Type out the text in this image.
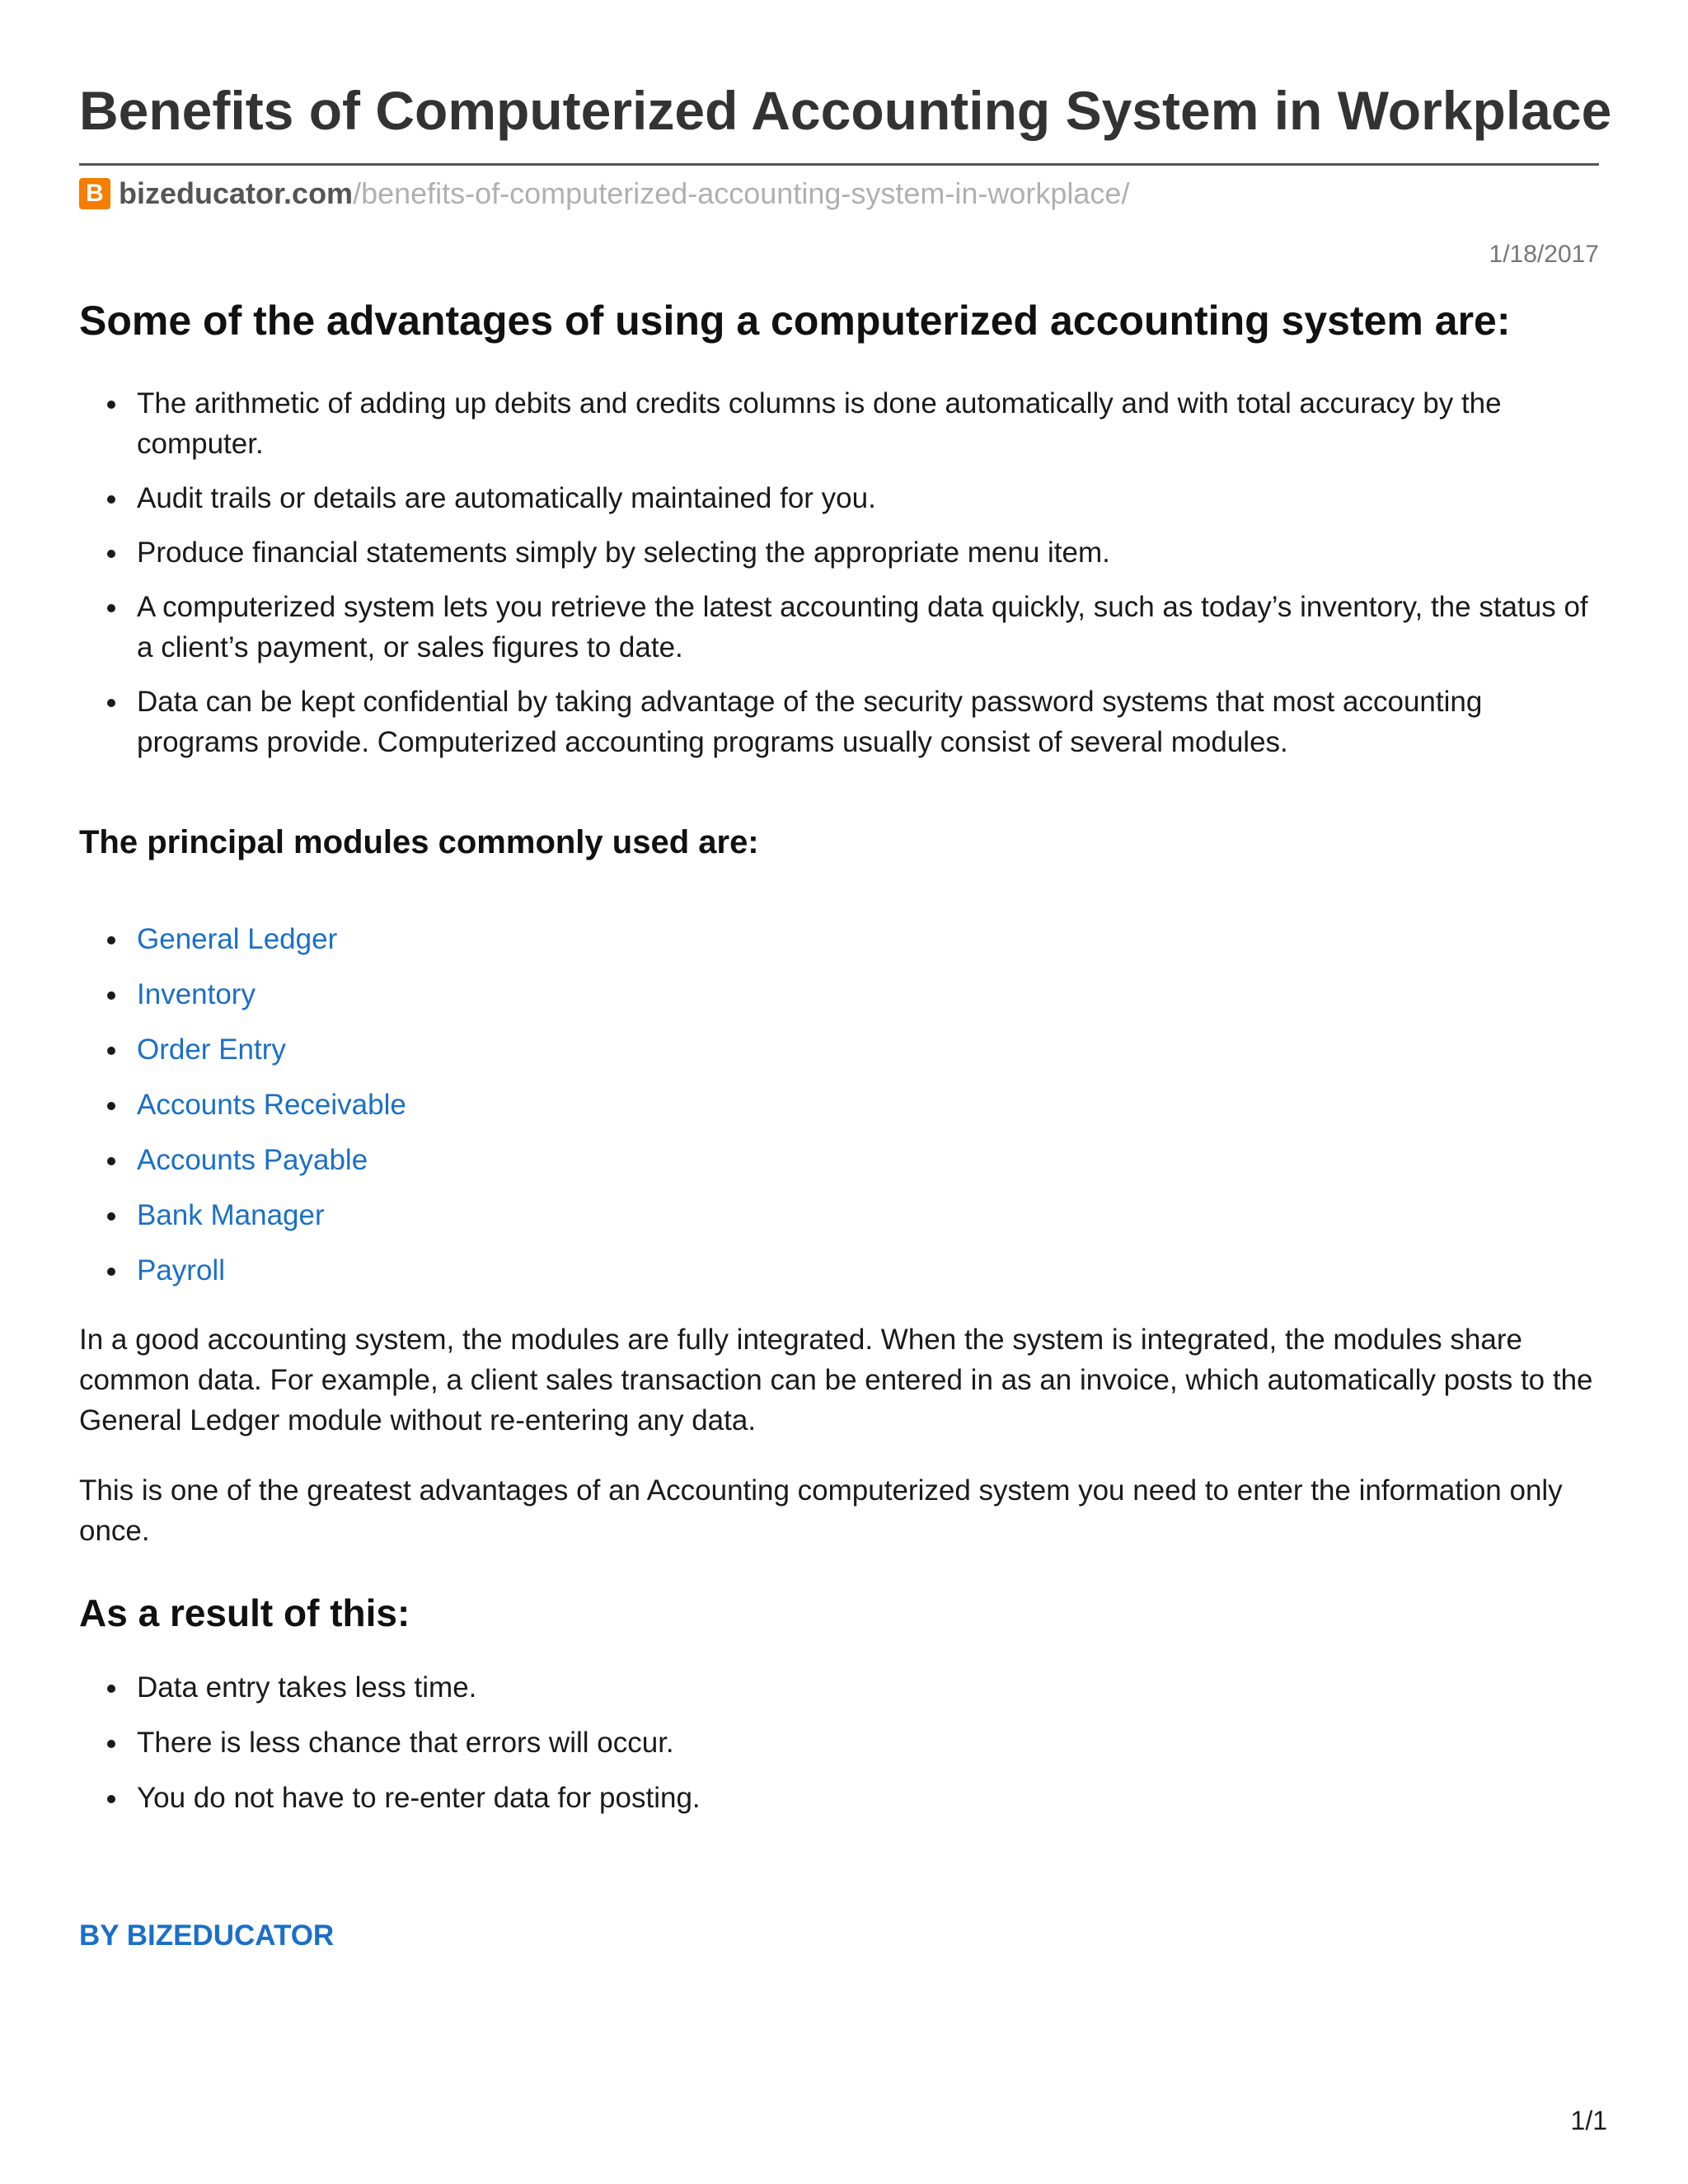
Benefits of Computerized Accounting System in Workplace
B bizeducator.com /benefits-of-computerized-accounting-system-in-workplace/
1/18/2017
Some of the advantages of using a computerized accounting system are:
The arithmetic of adding up debits and credits columns is done automatically and with total accuracy by the computer.
Audit trails or details are automatically maintained for you.
Produce financial statements simply by selecting the appropriate menu item.
A computerized system lets you retrieve the latest accounting data quickly, such as today’s inventory, the status of a client’s payment, or sales figures to date.
Data can be kept confidential by taking advantage of the security password systems that most accounting programs provide. Computerized accounting programs usually consist of several modules.
The principal modules commonly used are:
General Ledger
Inventory
Order Entry
Accounts Receivable
Accounts Payable
Bank Manager
Payroll

In a good accounting system, the modules are fully integrated. When the system is integrated, the modules share common data. For example, a client sales transaction can be entered in as an invoice, which automatically posts to the General Ledger module without re-entering any data.

This is one of the greatest advantages of an Accounting computerized system you need to enter the information only once.

As a result of this:
Data entry takes less time.
There is less chance that errors will occur.
You do not have to re-enter data for posting.
BY BIZEDUCATOR
1/1
